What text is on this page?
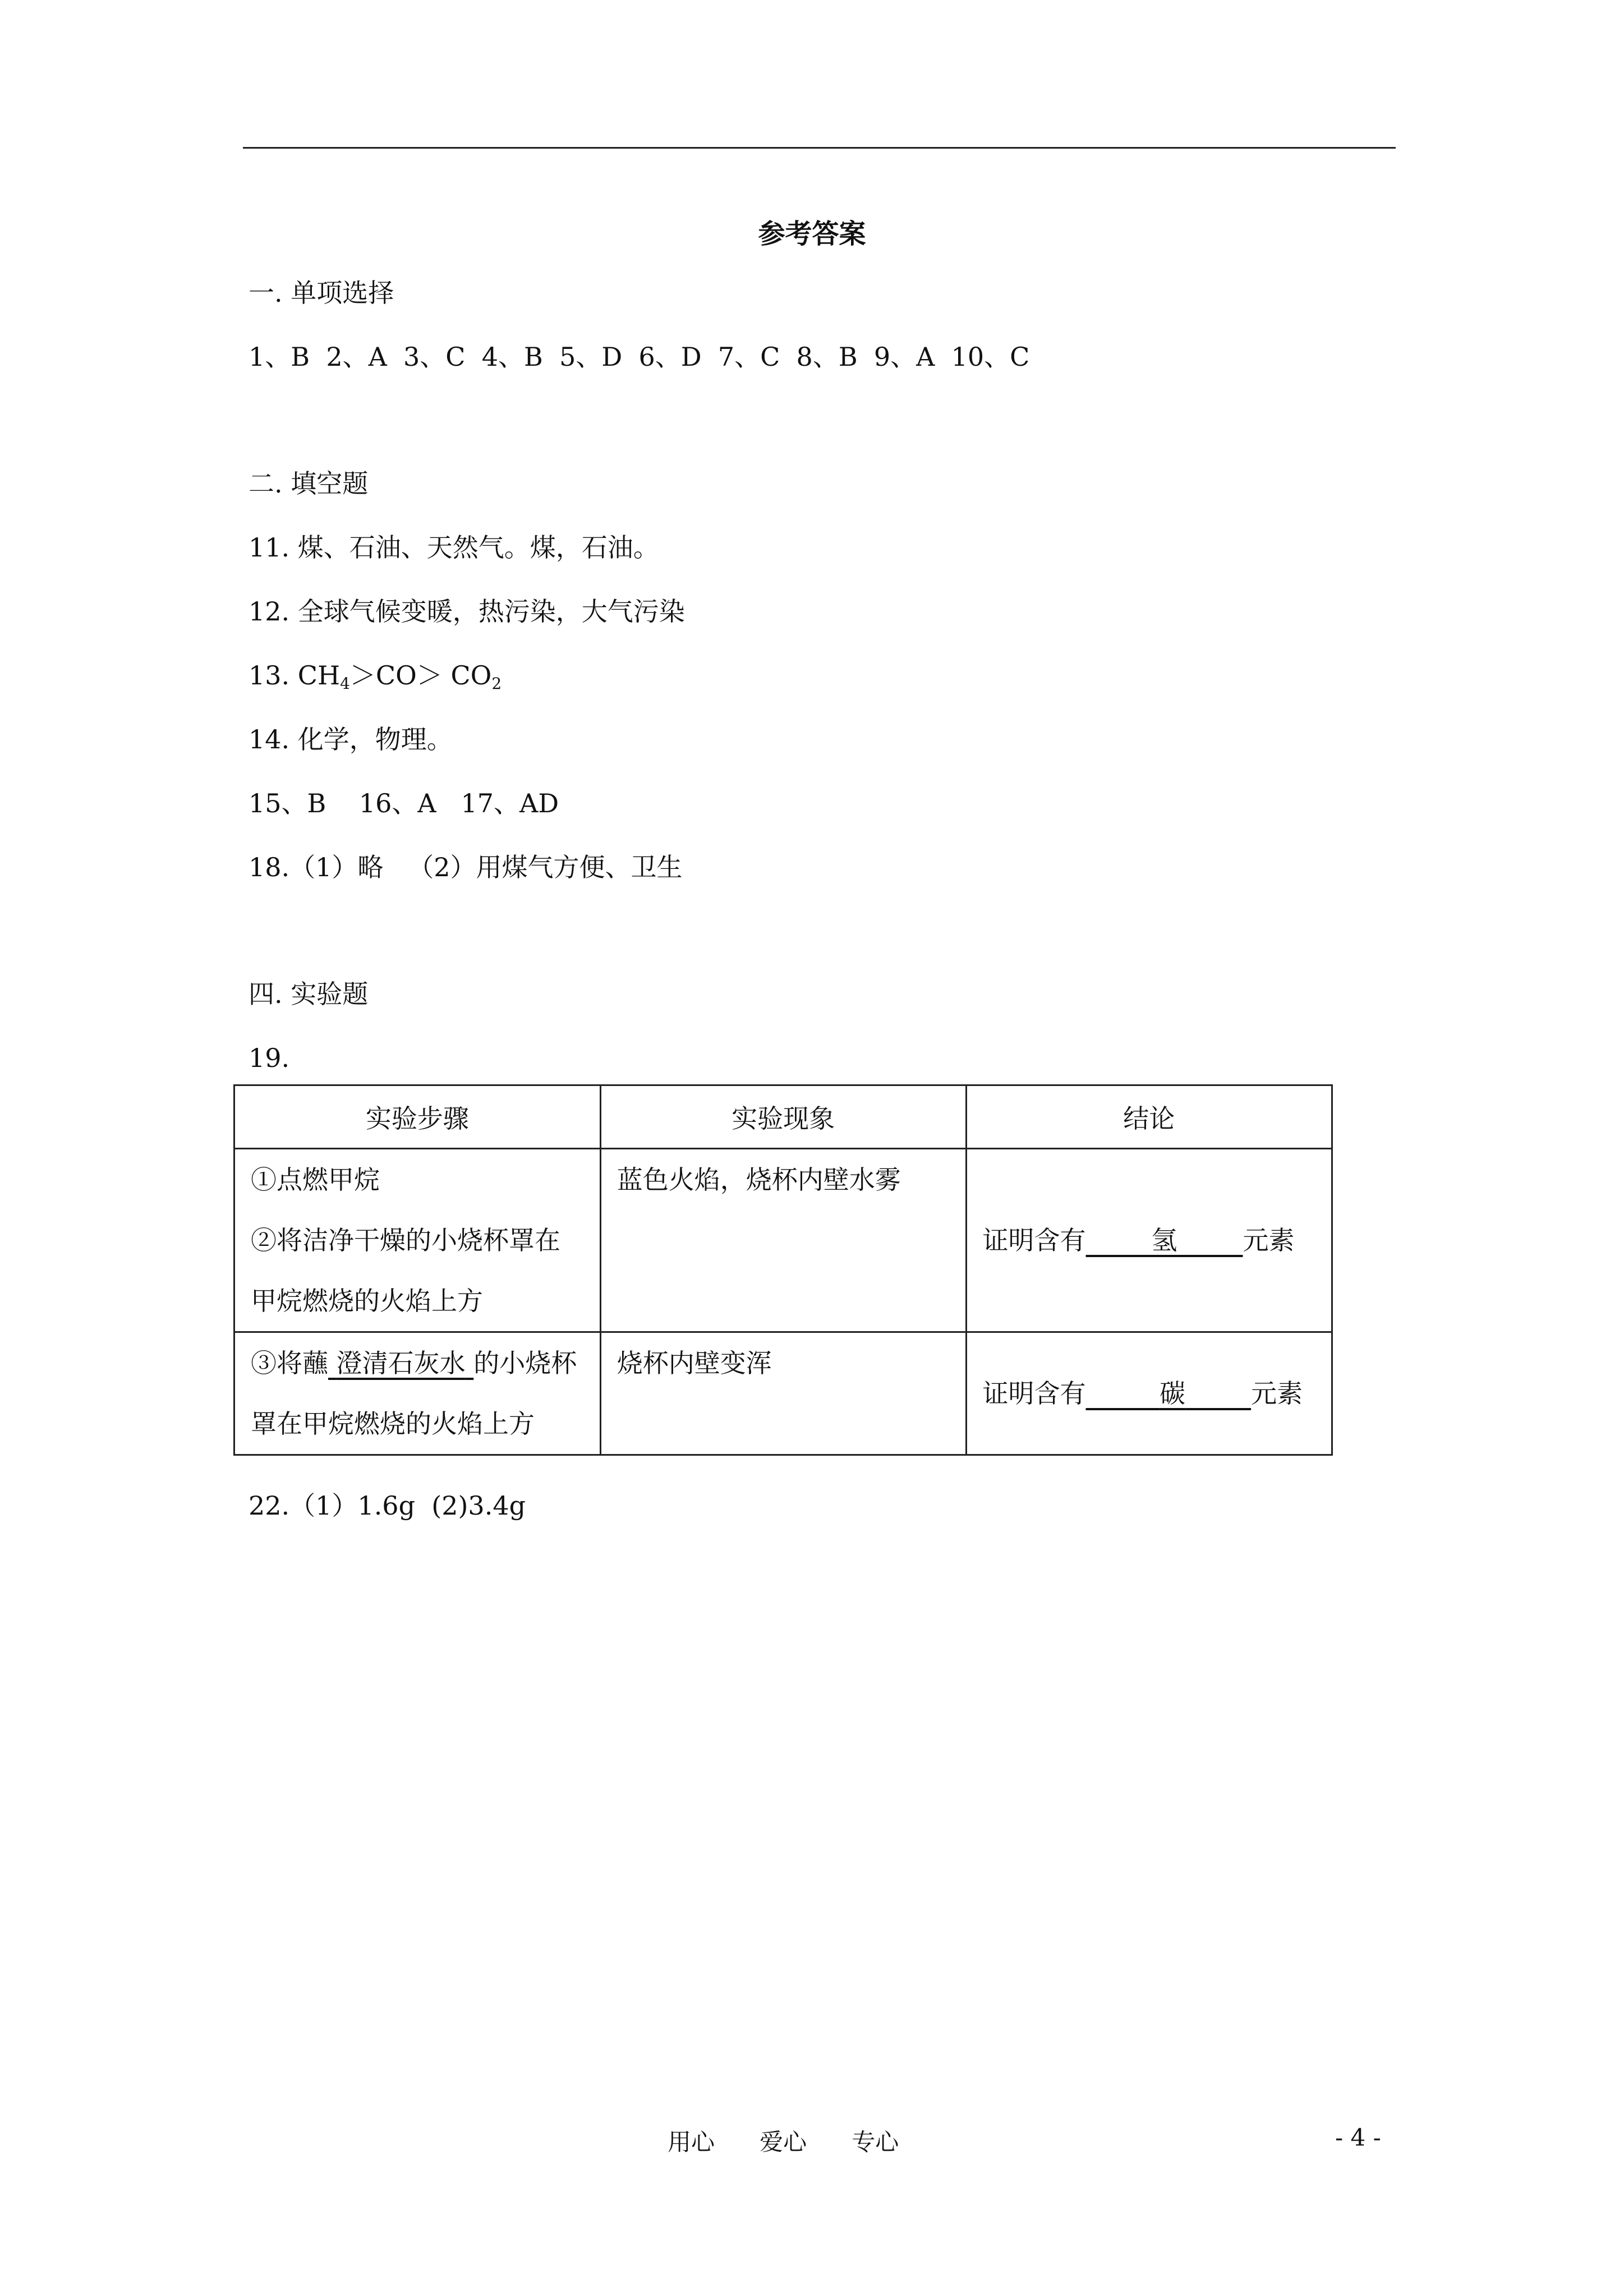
参考答案
一. 单项选择
1、B  2、A  3、C  4、B  5、D  6、D  7、C  8、B  9、A  10、C
二. 填空题
11. 煤、石油、天然气。煤，石油。
12. 全球气候变暖，热污染，大气污染
13. $CH_4>CO> CO_2$
14. 化学，物理。
15、B    16、A   17、AD
18.（1）略   （2）用煤气方便、卫生
四. 实验题
19.
实验步骤	实验现象	结论

①点燃甲烷
②将洁净干燥的小烧杯罩在
甲烷燃烧的火焰上方	蓝色火焰，烧杯内壁水雾	证明含有 氢 元素

③将蘸 澄清石灰水 的小烧杯
罩在甲烷燃烧的火焰上方	烧杯内壁变浑	证明含有 碳 元素
22.（1）1.6g  (2)3.4g
用心      爱心      专心	- 4 -
